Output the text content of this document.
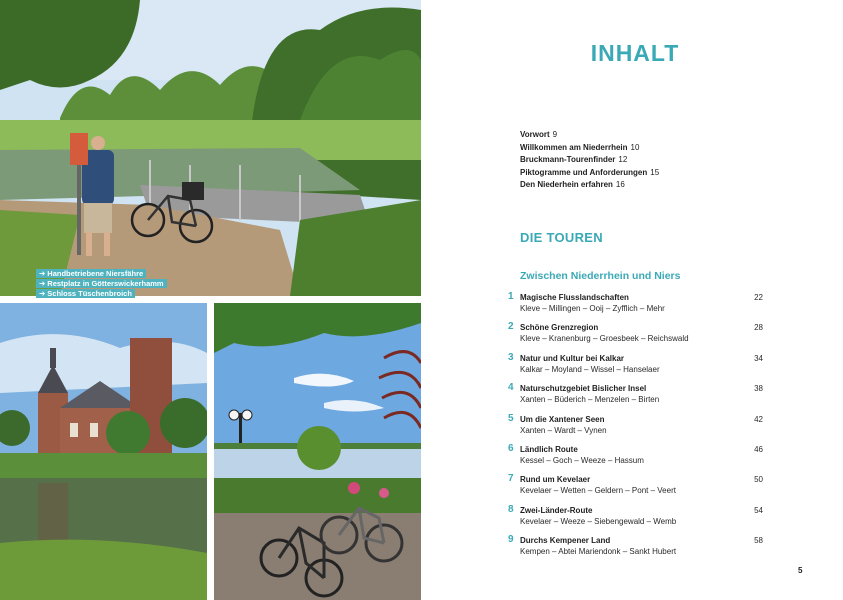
➔ Handbetriebene Niersfähre
➔ Restplatz in Götterswickerhamm
➔ Schloss Tüschenbroich
INHALT
Vorwort 9
Willkommen am Niederrhein 10
Bruckmann-Tourenfinder 12
Piktogramme und Anforderungen 15
Den Niederhein erfahren 16
DIE TOUREN
Zwischen Niederrhein und Niers
1 Magische Flusslandschaften
Kleve – Millingen – Ooij – Zyfflich – Mehr
22
2 Schöne Grenzregion
Kleve – Kranenburg – Groesbeek – Reichswald
28
3 Natur und Kultur bei Kalkar
Kalkar – Moyland – Wissel – Hanselaer
34
4 Naturschutzgebiet Bislicher Insel
Xanten – Büderich – Menzelen – Birten
38
5 Um die Xantener Seen
Xanten – Wardt – Vynen
42
6 Ländlich Route
Kessel – Goch – Weeze – Hassum
46
7 Rund um Kevelaer
Kevelaer – Wetten – Geldern – Pont – Veert
50
8 Zwei-Länder-Route
Kevelaer – Weeze – Siebengewald – Wemb
54
9 Durchs Kempener Land
Kempen – Abtei Mariendonk – Sankt Hubert
58
5
